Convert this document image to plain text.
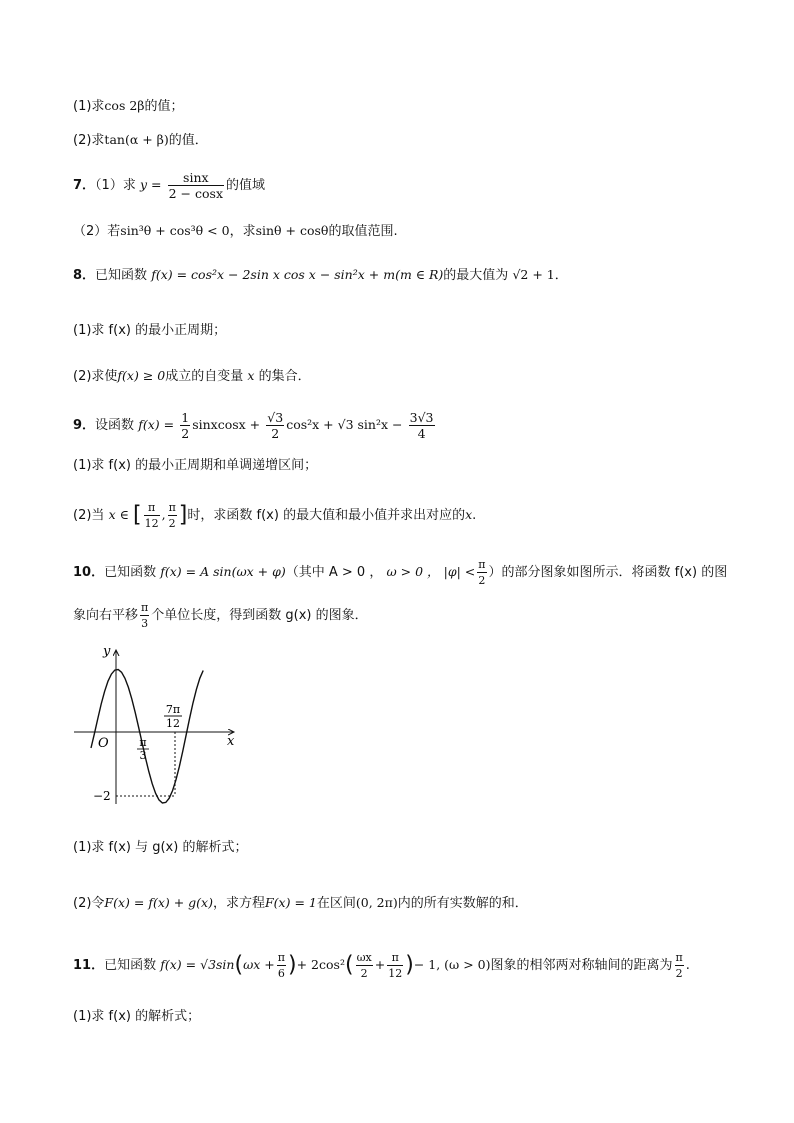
(1)求cos 2β的值；
(2)求tan(α + β)的值．
7．（1）求 $y = \frac{\sin x}{2 - \cos x}$ 的值域
（2）若sin³θ + cos³θ < 0，求sinθ + cosθ的取值范围.
8．已知函数 f(x) = cos²x − 2sin x cos x − sin²x + m(m ∈ R)的最大值为 √2 + 1．
(1)求 f(x) 的最小正周期；
(2)求使f(x) ≥ 0成立的自变量 x 的集合．
9．设函数 $f(x) = \frac{1}{2}$ sinxcosx + $\frac{√3}{2} \cos^2x + √3$ $\sin^2x - \frac{3√3}{4}$
(1)求 f(x) 的最小正周期和单调递增区间；
(2)当 x ∈ [ $\frac{\pi}{12}$ , $\frac{\pi}{2}$ ]时，求函数 f(x) 的最大值和最小值并求出对应的x.
10．已知函数 f(x) = A sin(ωx + φ)（其中 A > 0 ， ω > 0 ， $|\varphi| < \frac{\pi}{2}$ ）的部分图象如图所示．将函数 f(x) 的图
象向右平移 $\frac{\pi}{3}$ 个单位长度，得到函数 g(x) 的图象．
y
x
O	π
3
7π
12
−2
(1)求 f(x) 与 g(x) 的解析式；
(2)令F(x) = f(x) + g(x)，求方程F(x) = 1在区间(0, 2π)内的所有实数解的和．
11．已知函数 $f(x) = √3\sin(\omega x + \frac{\pi}{6}$ )+ $2\cos^2( \frac{\omega x}{2} + \frac{\pi}{12}$ )− 1, (ω > 0)图象的相邻两对称轴间的距离为 $\frac{\pi}{2}$ .
(1)求 f(x) 的解析式；
